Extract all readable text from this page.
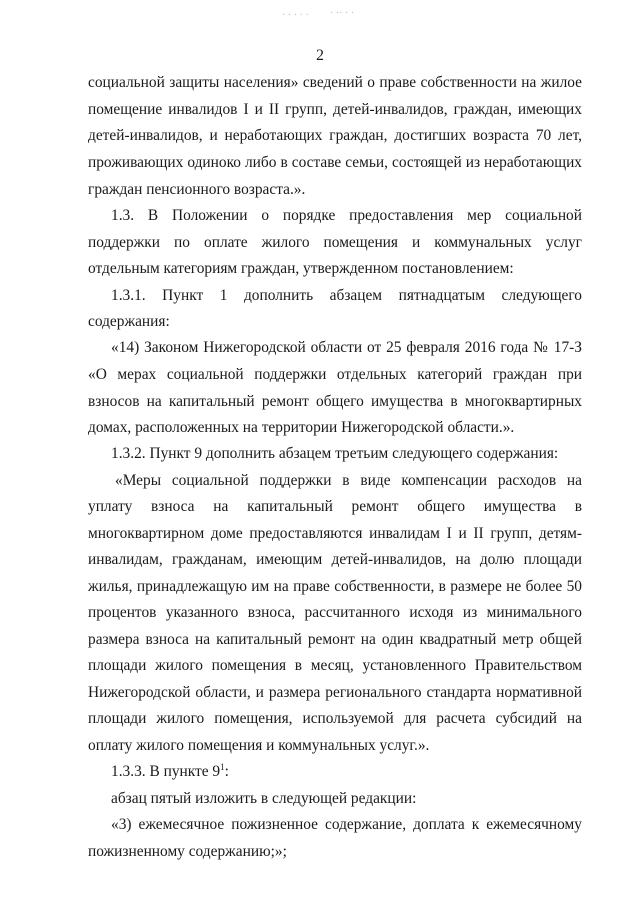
· · · · · · ·· · ·
2
социальной защиты населения» сведений о праве собственности на жилое
помещение инвалидов I и II групп, детей-инвалидов, граждан, имеющих
детей-инвалидов, и неработающих граждан, достигших возраста 70 лет,
проживающих одиноко либо в составе семьи, состоящей из неработающих
граждан пенсионного возраста.».
1.3. В Положении о порядке предоставления мер социальной
поддержки по оплате жилого помещения и коммунальных услуг
отдельным категориям граждан, утвержденном постановлением:
1.3.1. Пункт 1 дополнить абзацем пятнадцатым следующего
содержания:
«14) Законом Нижегородской области от 25 февраля 2016 года № 17-З
«О мерах социальной поддержки отдельных категорий граждан при
взносов на капитальный ремонт общего имущества в многоквартирных
домах, расположенных на территории Нижегородской области.».
1.3.2. Пункт 9 дополнить абзацем третьим следующего содержания:
«Меры социальной поддержки в виде компенсации расходов на
уплату взноса на капитальный ремонт общего имущества в
многоквартирном доме предоставляются инвалидам I и II групп, детям-
инвалидам, гражданам, имеющим детей-инвалидов, на долю площади
жилья, принадлежащую им на праве собственности, в размере не более 50
процентов указанного взноса, рассчитанного исходя из минимального
размера взноса на капитальный ремонт на один квадратный метр общей
площади жилого помещения в месяц, установленного Правительством
Нижегородской области, и размера регионального стандарта нормативной
площади жилого помещения, используемой для расчета субсидий на
оплату жилого помещения и коммунальных услуг.».
1.3.3. В пункте $9^1$:
абзац пятый изложить в следующей редакции:
«3) ежемесячное пожизненное содержание, доплата к ежемесячному
пожизненному содержанию;»;
